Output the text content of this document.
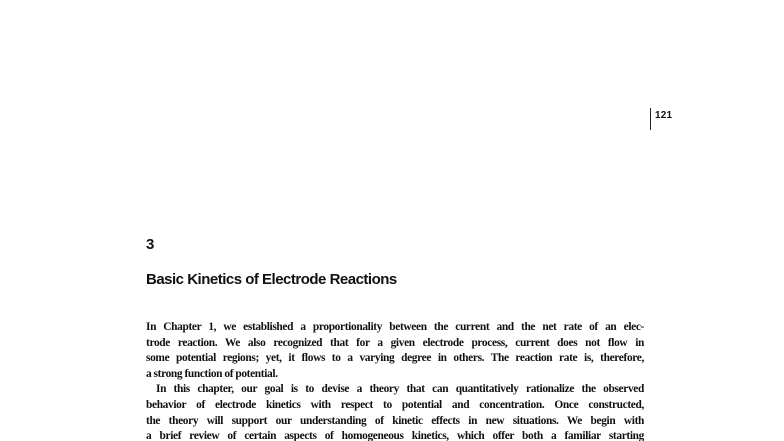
121
3
Basic Kinetics of Electrode Reactions

In Chapter 1, we established a proportionality between the current and the net rate of an elec-
trode reaction. We also recognized that for a given electrode process, current does not flow in
some potential regions; yet, it flows to a varying degree in others. The reaction rate is, therefore,
a strong function of potential.

In this chapter, our goal is to devise a theory that can quantitatively rationalize the observed
behavior of electrode kinetics with respect to potential and concentration. Once constructed,
the theory will support our understanding of kinetic effects in new situations. We begin with
a brief review of certain aspects of homogeneous kinetics, which offer both a familiar starting
